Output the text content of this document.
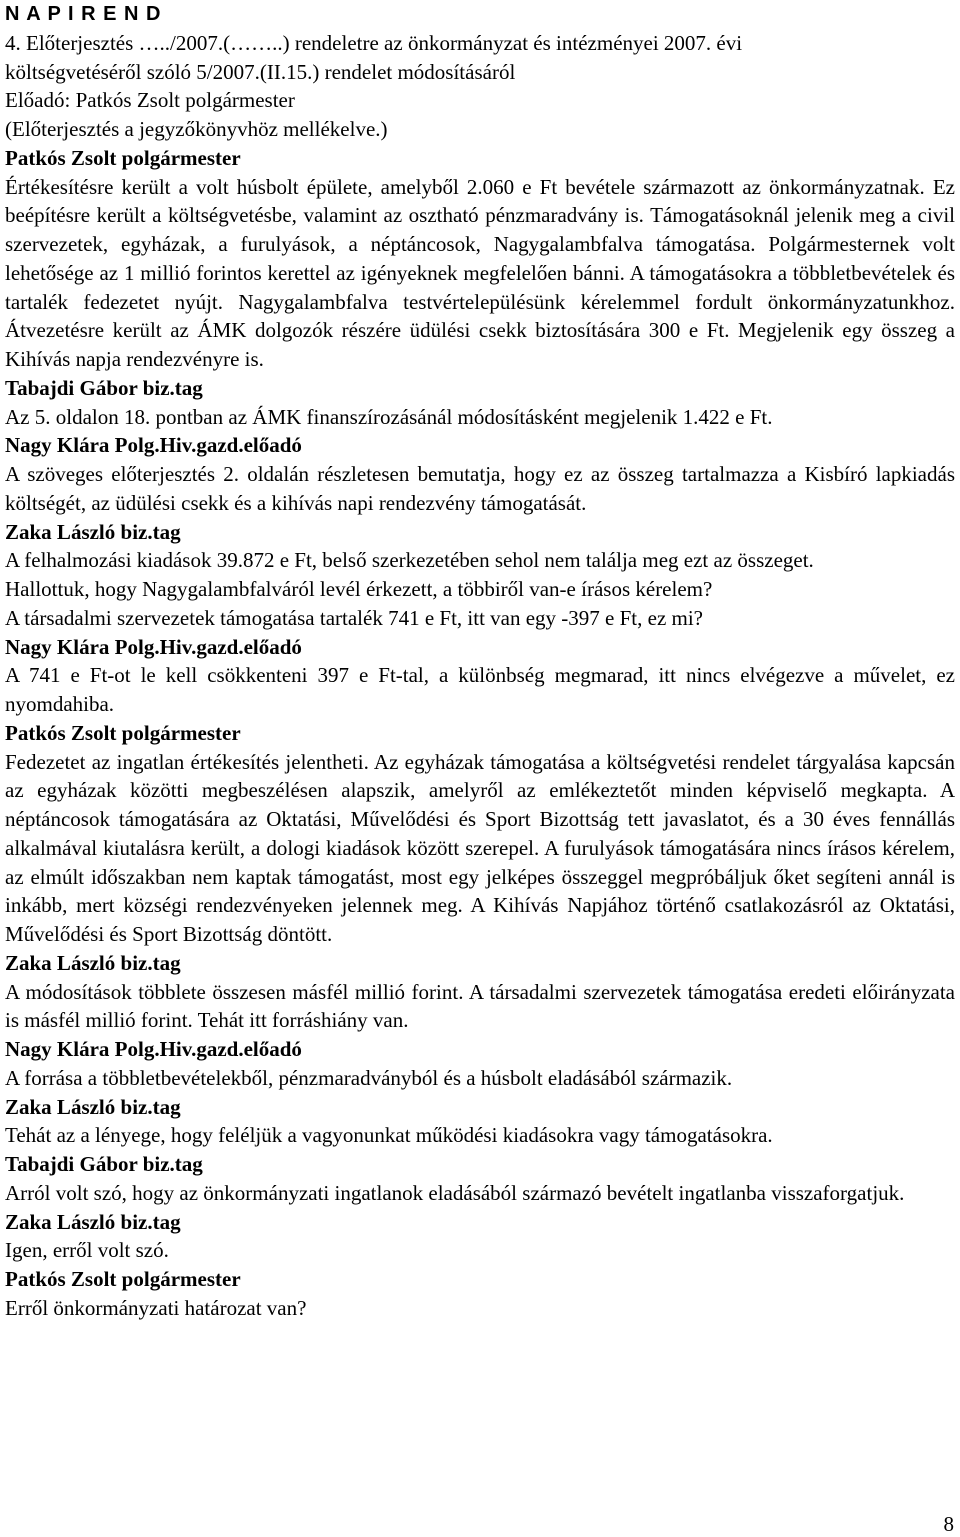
N A P I R E N D
4. Előterjesztés …../2007.(……..) rendeletre az önkormányzat és intézményei 2007. évi
költségvetéséről szóló 5/2007.(II.15.) rendelet módosításáról
Előadó: Patkós Zsolt polgármester
(Előterjesztés a jegyzőkönyvhöz mellékelve.)
Patkós Zsolt polgármester
Értékesítésre került a volt húsbolt épülete, amelyből 2.060 e Ft bevétele származott az önkormányzatnak. Ez beépítésre került a költségvetésbe, valamint az osztható pénzmaradvány is. Támogatásoknál jelenik meg a civil szervezetek, egyházak, a furulyások, a néptáncosok, Nagygalambfalva támogatása. Polgármesternek volt lehetősége az 1 millió forintos kerettel az igényeknek megfelelően bánni. A támogatásokra a többletbevételek és tartalék fedezetet nyújt. Nagygalambfalva testvértelepülésünk kérelemmel fordult önkormányzatunkhoz. Átvezetésre került az ÁMK dolgozók részére üdülési csekk biztosítására 300 e Ft. Megjelenik egy összeg a Kihívás napja rendezvényre is.
Tabajdi Gábor biz.tag
Az 5. oldalon 18. pontban az ÁMK finanszírozásánál módosításként megjelenik 1.422 e Ft.
Nagy Klára Polg.Hiv.gazd.előadó
A szöveges előterjesztés 2. oldalán részletesen bemutatja, hogy ez az összeg tartalmazza a Kisbíró lapkiadás költségét, az üdülési csekk és a kihívás napi rendezvény támogatását.
Zaka László biz.tag
A felhalmozási kiadások 39.872 e Ft, belső szerkezetében sehol nem találja meg ezt az összeget.
Hallottuk, hogy Nagygalambfalváról levél érkezett, a többiről van-e írásos kérelem?
A társadalmi szervezetek támogatása tartalék 741 e Ft, itt van egy -397 e Ft, ez mi?
Nagy Klára Polg.Hiv.gazd.előadó
A 741 e Ft-ot le kell csökkenteni 397 e Ft-tal, a különbség megmarad, itt nincs elvégezve a művelet, ez nyomdahiba.
Patkós Zsolt polgármester
Fedezetet az ingatlan értékesítés jelentheti. Az egyházak támogatása a költségvetési rendelet tárgyalása kapcsán az egyházak közötti megbeszélésen alapszik, amelyről az emlékeztetőt minden képviselő megkapta. A néptáncosok támogatására az Oktatási, Művelődési és Sport Bizottság tett javaslatot, és a 30 éves fennállás alkalmával kiutalásra került, a dologi kiadások között szerepel. A furulyások támogatására nincs írásos kérelem, az elmúlt időszakban nem kaptak támogatást, most egy jelképes összeggel megpróbáljuk őket segíteni annál is inkább, mert községi rendezvényeken jelennek meg. A Kihívás Napjához történő csatlakozásról az Oktatási, Művelődési és Sport Bizottság döntött.
Zaka László biz.tag
A módosítások többlete összesen másfél millió forint. A társadalmi szervezetek támogatása eredeti előirányzata is másfél millió forint. Tehát itt forráshiány van.
Nagy Klára Polg.Hiv.gazd.előadó
A forrása a többletbevételekből, pénzmaradványból és a húsbolt eladásából származik.
Zaka László biz.tag
Tehát az a lényege, hogy feléljük a vagyonunkat működési kiadásokra vagy támogatásokra.
Tabajdi Gábor biz.tag
Arról volt szó, hogy az önkormányzati ingatlanok eladásából származó bevételt ingatlanba visszaforgatjuk.
Zaka László biz.tag
Igen, erről volt szó.
Patkós Zsolt polgármester
Erről önkormányzati határozat van?
8
